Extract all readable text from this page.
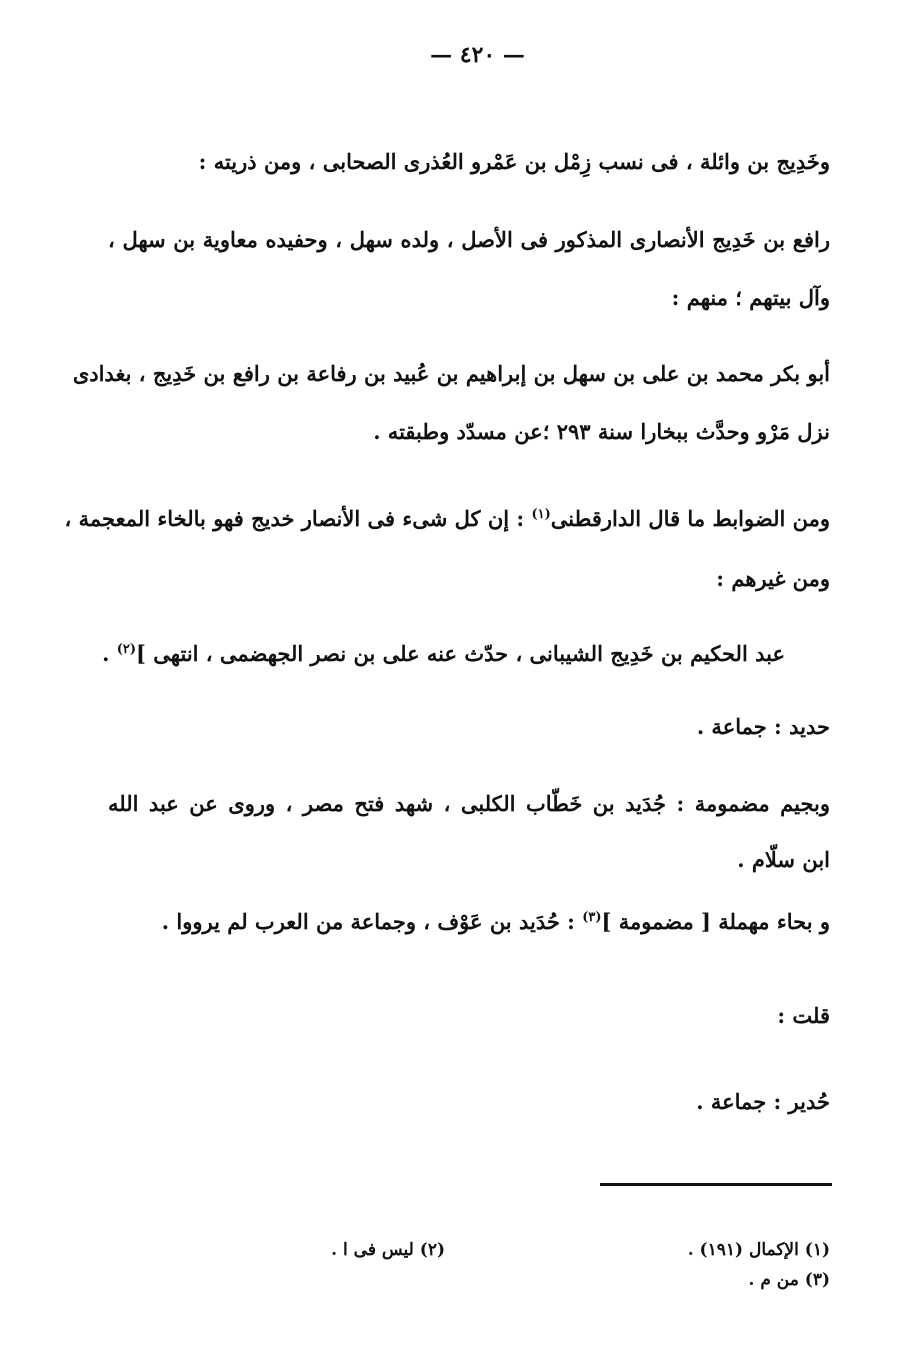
— ٤٢٠ —
وخَدِيج بن وائلة ، فى نسب زِمْل بن عَمْرو العُذرى الصحابى ، ومن ذريته :
رافع بن خَدِيج الأنصارى المذكور فى الأصل ، ولده سهل ، وحفيده معاوية بن سهل ،
وآل بيتهم ؛ منهم :
أبو بكر محمد بن على بن سهل بن إبراهيم بن عُبيد بن رفاعة بن رافع بن خَدِيج ، بغدادى
نزل مَرْو وحدَّث ببخارا سنة ٢٩٣ ؛عن مسدّد وطبقته .
ومن الضوابط ما قال الدارقطنى$^{(١)}$ : إن كل شىء فى الأنصار خديج فهو بالخاء المعجمة ،
ومن غيرهم :
عبد الحكيم بن خَدِيج الشيبانى ، حدّث عنه على بن نصر الجهضمى ، انتهى ]$^{(٢)}$ .
حديد : جماعة .
وبجيم مضمومة : جُدَيد بن خَطّاب الكلبى ، شهد فتح مصر ، وروى عن عبد الله
ابن سلّام .
و بحاء مهملة [ مضمومة ]$^{(٣)}$ : حُدَيد بن عَوْف ، وجماعة من العرب لم يرووا .
قلت :
حُدير : جماعة .
(١) الإكمال (١٩١) .
(٢) ليس فى ا .
(٣) من م .
